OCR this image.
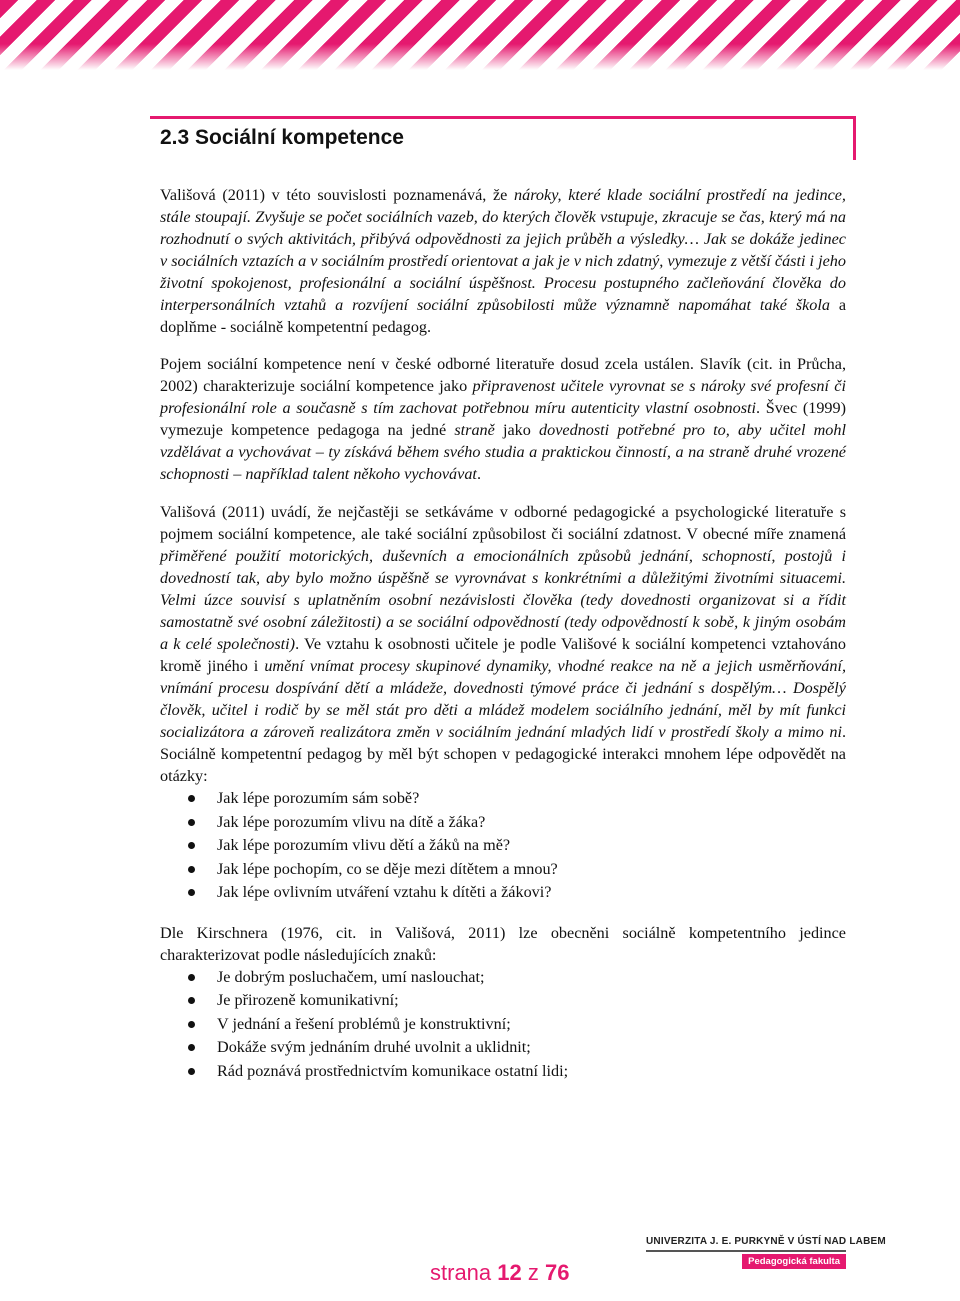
2.3 Sociální kompetence

Vališová (2011) v této souvislosti poznamenává, že nároky, které klade sociální prostředí na jedince, stále stoupají. Zvyšuje se počet sociálních vazeb, do kterých člověk vstupuje, zkracuje se čas, který má na rozhodnutí o svých aktivitách, přibývá odpovědnosti za jejich průběh a výsledky… Jak se dokáže jedinec v sociálních vztazích a v sociálním prostředí orientovat a jak je v nich zdatný, vymezuje z větší části i jeho životní spokojenost, profesionální a sociální úspěšnost. Procesu postupného začleňování člověka do interpersonálních vztahů a rozvíjení sociální způsobilosti může významně napomáhat také škola a doplňme - sociálně kompetentní pedagog.

Pojem sociální kompetence není v české odborné literatuře dosud zcela ustálen. Slavík (cit. in Průcha, 2002) charakterizuje sociální kompetence jako připravenost učitele vyrovnat se s nároky své profesní či profesionální role a současně s tím zachovat potřebnou míru autenticity vlastní osobnosti. Švec (1999) vymezuje kompetence pedagoga na jedné straně jako dovednosti potřebné pro to, aby učitel mohl vzdělávat a vychovávat – ty získává během svého studia a praktickou činností, a na straně druhé vrozené schopnosti – například talent někoho vychovávat.

Vališová (2011) uvádí, že nejčastěji se setkáváme v odborné pedagogické a psychologické literatuře s pojmem sociální kompetence, ale také sociální způsobilost či sociální zdatnost. V obecné míře znamená přiměřené použití motorických, duševních a emocionálních způsobů jednání, schopností, postojů i dovedností tak, aby bylo možno úspěšně se vyrovnávat s konkrétními a důležitými životními situacemi. Velmi úzce souvisí s uplatněním osobní nezávislosti člověka (tedy dovednosti organizovat si a řídit samostatně své osobní záležitosti) a se sociální odpovědností (tedy odpovědností k sobě, k jiným osobám a k celé společnosti). Ve vztahu k osobnosti učitele je podle Vališové k sociální kompetenci vztahováno kromě jiného i umění vnímat procesy skupinové dynamiky, vhodné reakce na ně a jejich usměrňování, vnímání procesu dospívání dětí a mládeže, dovednosti týmové práce či jednání s dospělým… Dospělý člověk, učitel i rodič by se měl stát pro děti a mládež modelem sociálního jednání, měl by mít funkci socializátora a zároveň realizátora změn v sociálním jednání mladých lidí v prostředí školy a mimo ni. Sociálně kompetentní pedagog by měl být schopen v pedagogické interakci mnohem lépe odpovědět na otázky:

Jak lépe porozumím sám sobě?
Jak lépe porozumím vlivu na dítě a žáka?
Jak lépe porozumím vlivu dětí a žáků na mě?
Jak lépe pochopím, co se děje mezi dítětem a mnou?
Jak lépe ovlivním utváření vztahu k dítěti a žákovi?

Dle Kirschnera (1976, cit. in Vališová, 2011) lze obecněni sociálně kompetentního jedince charakterizovat podle následujících znaků:

Je dobrým posluchačem, umí naslouchat;
Je přirozeně komunikativní;
V jednání a řešení problémů je konstruktivní;
Dokáže svým jednáním druhé uvolnit a uklidnit;
Rád poznává prostřednictvím komunikace ostatní lidi;
strana 12 z 76
UNIVERZITA J. E. PURKYNĚ V ÚSTÍ NAD LABEM
Pedagogická fakulta
